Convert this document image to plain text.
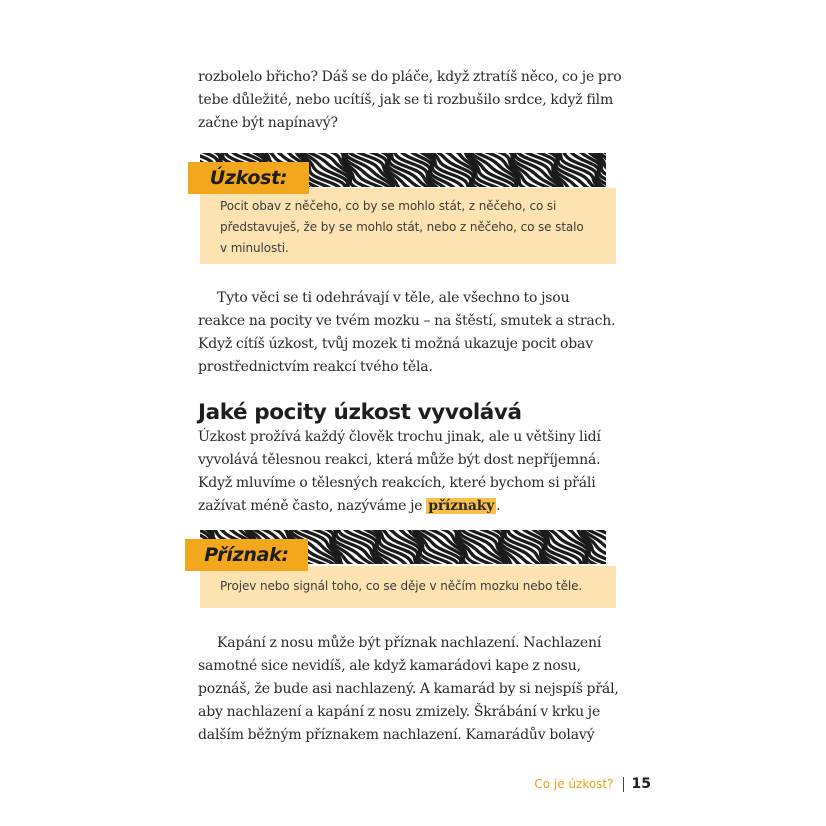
rozbolelo břicho? Dáš se do pláče, když ztratíš něco, co je pro
tebe důležité, nebo ucítíš, jak se ti rozbušilo srdce, když film
začne být napínavý?
Pocit obav z něčeho, co by se mohlo stát, z něčeho, co si
představuješ, že by se mohlo stát, nebo z něčeho, co se stalo
v minulosti.
Úzkost:
Tyto věci se ti odehrávají v těle, ale všechno to jsou
reakce na pocity ve tvém mozku – na štěstí, smutek a strach.
Když cítíš úzkost, tvůj mozek ti možná ukazuje pocit obav
prostřednictvím reakcí tvého těla.
Jaké pocity úzkost vyvolává
Úzkost prožívá každý člověk trochu jinak, ale u většiny lidí
vyvolává tělesnou reakci, která může být dost nepříjemná.
Když mluvíme o tělesných reakcích, které bychom si přáli
zažívat méně často, nazýváme je příznaky .
Projev nebo signál toho, co se děje v něčím mozku nebo těle.
Příznak:
Kapání z nosu může být příznak nachlazení. Nachlazení
samotné sice nevidíš, ale když kamarádovi kape z nosu,
poznáš, že bude asi nachlazený. A kamarád by si nejspíš přál,
aby nachlazení a kapání z nosu zmizely. Škrábání v krku je
dalším běžným příznakem nachlazení. Kamarádův bolavý
Co je úzkost? 15
